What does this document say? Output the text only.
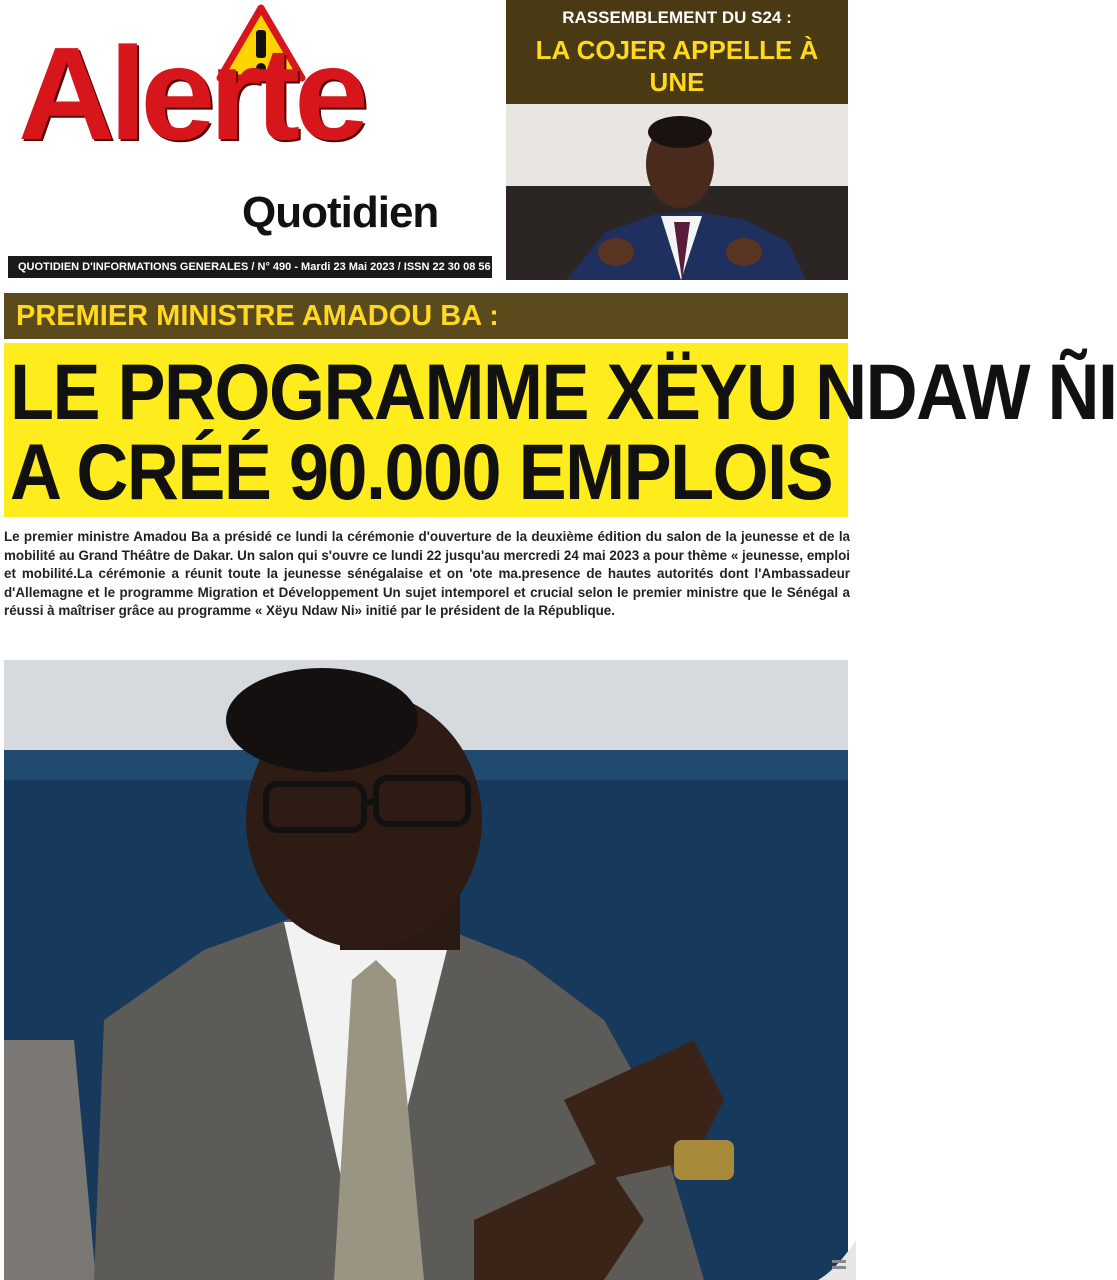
Alerte
Quotidien
QUOTIDIEN D'INFORMATIONS GENERALES / N° 490 - Mardi 23 Mai 2023 / ISSN 22 30 08 56
RASSEMBLEMENT DU S24 :
LA COJER APPELLE À UNE
PREMIER MINISTRE AMADOU BA :
LE PROGRAMME XËYU NDAW ÑI
A CRÉÉ 90.000 EMPLOIS
Le premier ministre Amadou Ba a présidé ce lundi la cérémonie d'ouverture de la deuxième édition du salon de la jeunesse et de la mobilité au Grand Théâtre de Dakar. Un salon qui s'ouvre ce lundi 22 jusqu'au mercredi 24 mai 2023 a pour thème « jeunesse, emploi et mobilité.La cérémonie a réunit toute la jeunesse sénégalaise et on 'ote ma.presence de hautes autorités dont l'Ambassadeur d'Allemagne et le programme Migration et Développement Un sujet intemporel et crucial selon le premier ministre que le Sénégal a réussi à maîtriser grâce au programme « Xëyu Ndaw Ni» initié par le président de la République.
